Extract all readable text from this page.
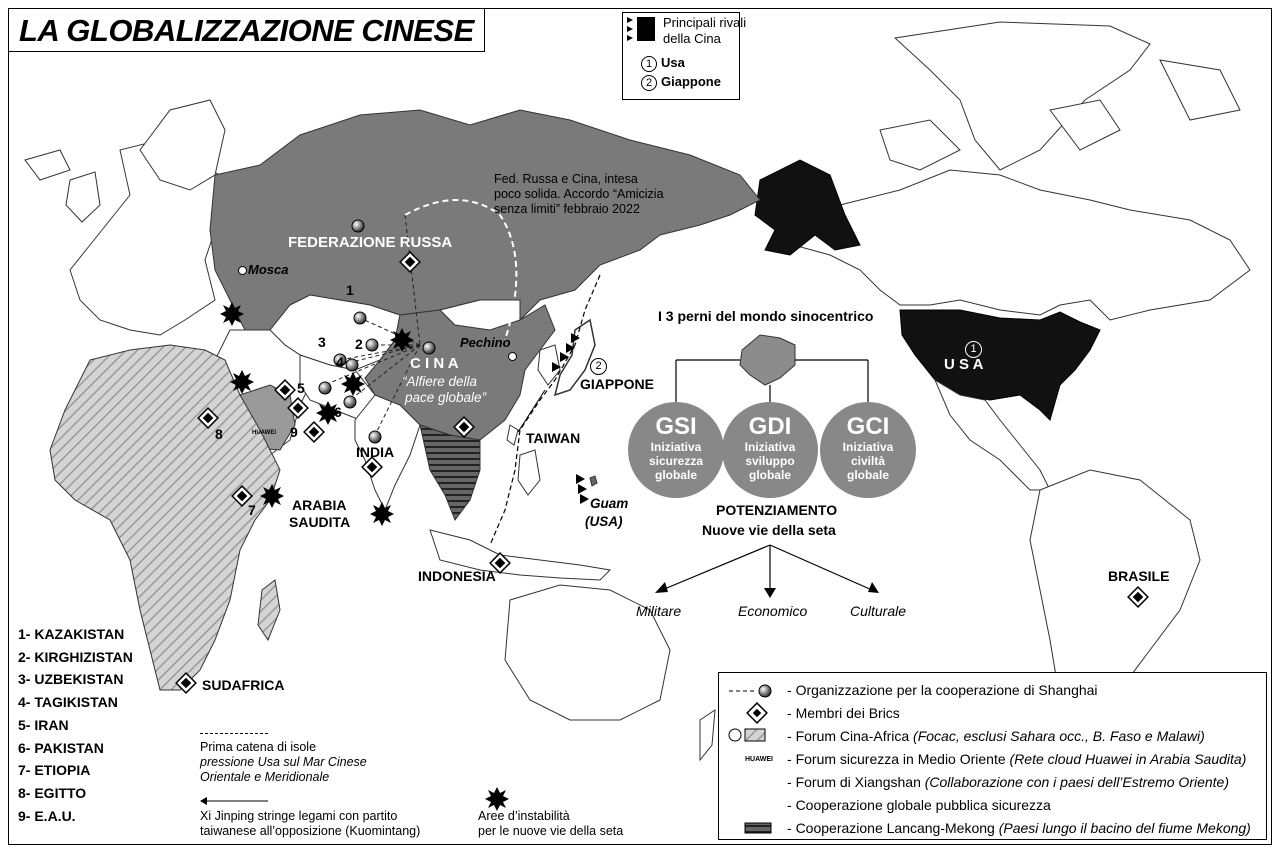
LA GLOBALIZZAZIONE CINESE	Principali rivali
della Cina
1 Usa
2 Giappone
FEDERAZIONE RUSSA
Mosca
Pechino
C I N A
“Alfiere della
pace globale”
INDIA
ARABIA
SAUDITA
INDONESIA
TAIWAN
GIAPPONE
2
Guam
(USA)
1
U S A
BRASILE
SUDAFRICA
Fed. Russa e Cina, intesa
poco solida. Accordo “Amicizia
senza limiti” febbraio 2022
HUAWEI
1
2
3
4
5
6
7
8	9
I 3 perni del mondo sinocentrico
GSI
Iniziativa
sicurezza
globale
GDI
Iniziativa
sviluppo
globale
GCI
Iniziativa
civiltà
globale
POTENZIAMENTO
Nuove vie della seta
Militare	Economico	Culturale
1- KAZAKISTAN
2- KIRGHIZISTAN
3- UZBEKISTAN
4- TAGIKISTAN
5- IRAN
6- PAKISTAN
7- ETIOPIA
8- EGITTO
9- E.A.U.
Prima catena di isole
pressione Usa sul Mar Cinese
Orientale e Meridionale
Xi Jinping stringe legami con partito
taiwanese all’opposizione (Kuomintang)
Aree d’instabilità
per le nuove vie della seta
HUAWEI
- Organizzazione per la cooperazione di Shanghai
- Membri dei Brics
- Forum Cina-Africa (Focac, esclusi Sahara occ., B. Faso e Malawi)
- Forum sicurezza in Medio Oriente (Rete cloud Huawei in Arabia Saudita)
- Forum di Xiangshan (Collaborazione con i paesi dell’Estremo Oriente)
- Cooperazione globale pubblica sicurezza
- Cooperazione Lancang-Mekong (Paesi lungo il bacino del fiume Mekong)
